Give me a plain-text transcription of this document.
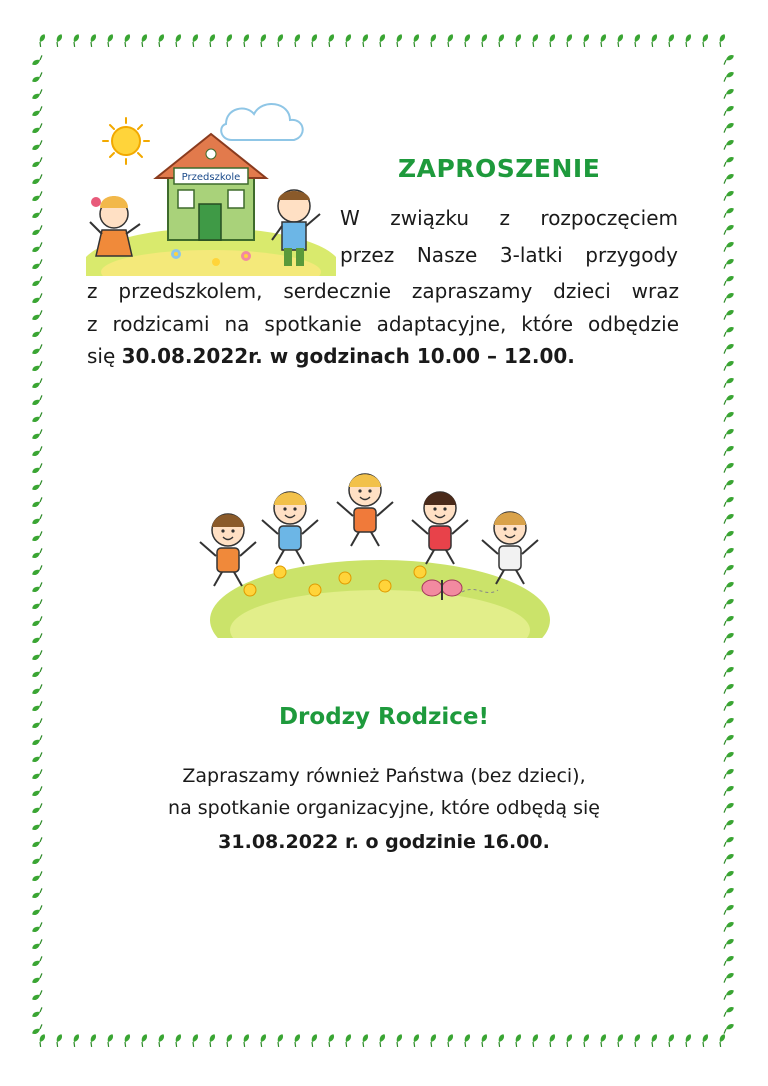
Przedszkole	ZAPROSZENIE
W związku z rozpoczęciem
przez Nasze 3-latki przygody
z przedszkolem, serdecznie zapraszamy dzieci wraz
z rodzicami na spotkanie adaptacyjne, które odbędzie
się 30.08.2022r. w godzinach 10.00 – 12.00.
Drodzy Rodzice!
Zapraszamy również Państwa (bez dzieci),
na spotkanie organizacyjne, które odbędą się
31.08.2022 r. o godzinie 16.00.
